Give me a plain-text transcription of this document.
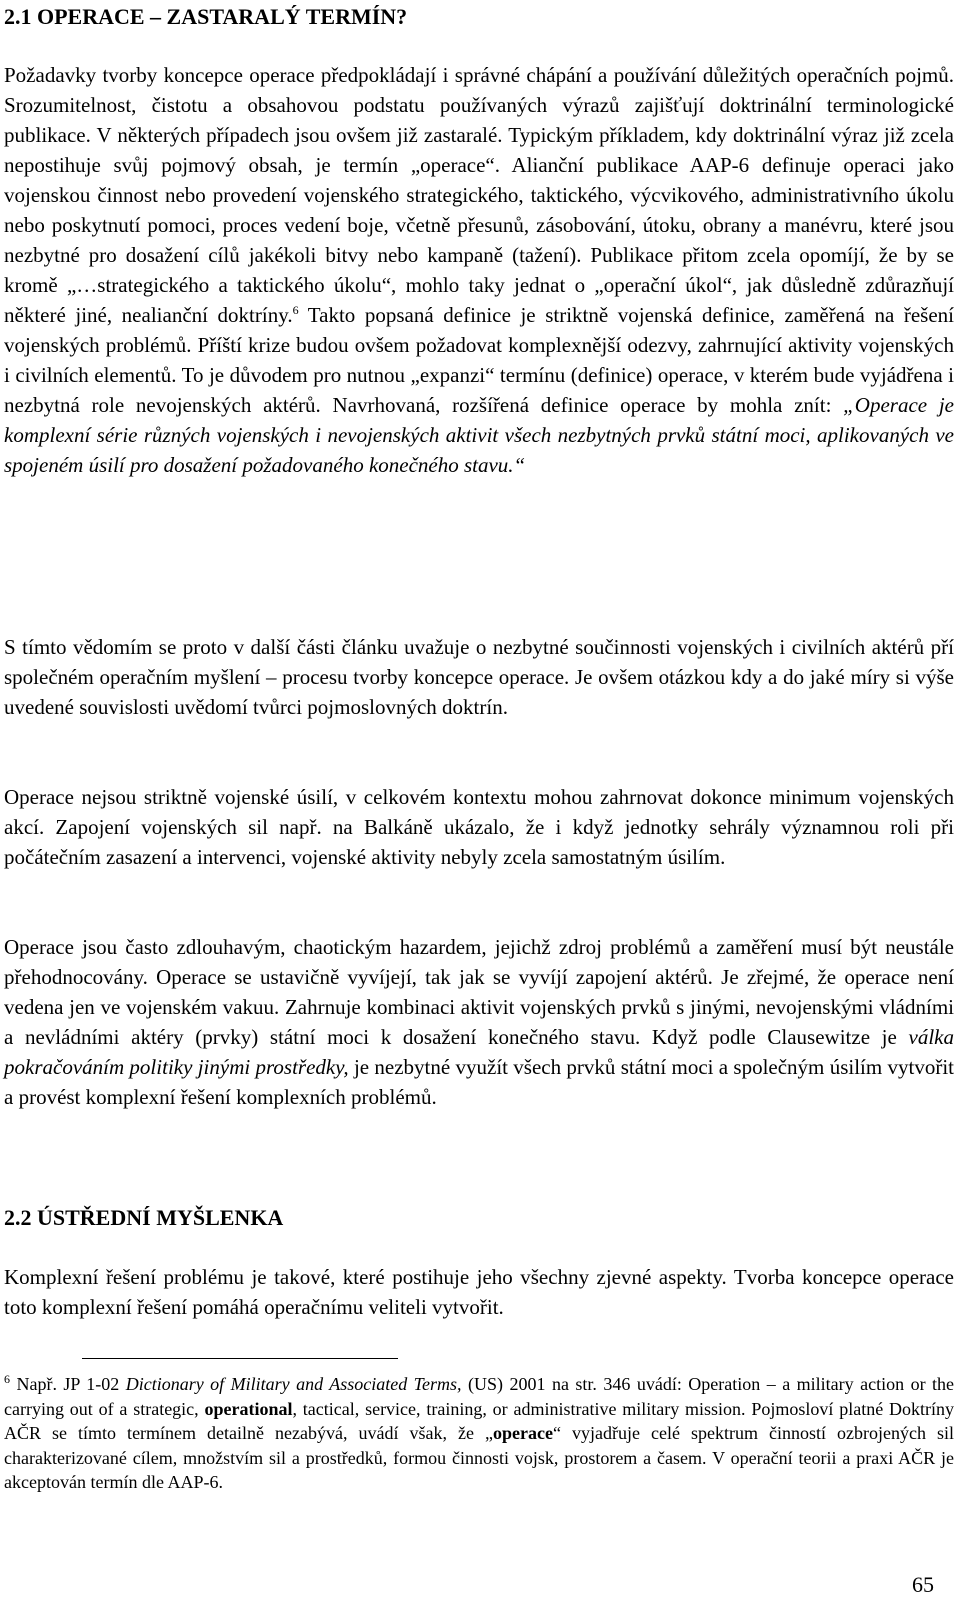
2.1 OPERACE – ZASTARALÝ TERMÍN?

Požadavky tvorby koncepce operace předpokládají i správné chápání a používání důležitých operačních pojmů. Srozumitelnost, čistotu a obsahovou podstatu používaných výrazů zajišťují doktrinální terminologické publikace. V některých případech jsou ovšem již zastaralé. Typickým příkladem, kdy doktrinální výraz již zcela nepostihuje svůj pojmový obsah, je termín „operace“. Alianční publikace AAP-6 definuje operaci jako vojenskou činnost nebo provedení vojenského strategického, taktického, výcvikového, administrativního úkolu nebo poskytnutí pomoci, proces vedení boje, včetně přesunů, zásobování, útoku, obrany a manévru, které jsou nezbytné pro dosažení cílů jakékoli bitvy nebo kampaně (tažení). Publikace přitom zcela opomíjí, že by se kromě „…strategického a taktického úkolu“, mohlo taky jednat o „operační úkol“, jak důsledně zdůrazňují některé jiné, nealianční doktríny.$^6$ Takto popsaná definice je striktně vojenská definice, zaměřená na řešení vojenských problémů. Příští krize budou ovšem požadovat komplexnější odezvy, zahrnující aktivity vojenských i civilních elementů. To je důvodem pro nutnou „expanzi“ termínu (definice) operace, v kterém bude vyjádřena i nezbytná role nevojenských aktérů. Navrhovaná, rozšířená definice operace by mohla znít: „Operace je komplexní série různých vojenských i nevojenských aktivit všech nezbytných prvků státní moci, aplikovaných ve spojeném úsilí pro dosažení požadovaného konečného stavu.“

S tímto vědomím se proto v další části článku uvažuje o nezbytné součinnosti vojenských i civilních aktérů pří společném operačním myšlení – procesu tvorby koncepce operace. Je ovšem otázkou kdy a do jaké míry si výše uvedené souvislosti uvědomí tvůrci pojmoslovných doktrín.

Operace nejsou striktně vojenské úsilí, v celkovém kontextu mohou zahrnovat dokonce minimum vojenských akcí. Zapojení vojenských sil např. na Balkáně ukázalo, že i když jednotky sehrály významnou roli při počátečním zasazení a intervenci, vojenské aktivity nebyly zcela samostatným úsilím.

Operace jsou často zdlouhavým, chaotickým hazardem, jejichž zdroj problémů a zaměření musí být neustále přehodnocovány. Operace se ustavičně vyvíjejí, tak jak se vyvíjí zapojení aktérů. Je zřejmé, že operace není vedena jen ve vojenském vakuu. Zahrnuje kombinaci aktivit vojenských prvků s jinými, nevojenskými vládními a nevládními aktéry (prvky) státní moci k dosažení konečného stavu. Když podle Clausewitze je válka pokračováním politiky jinými prostředky, je nezbytné využít všech prvků státní moci a společným úsilím vytvořit a provést komplexní řešení komplexních problémů.

2.2 ÚSTŘEDNÍ MYŠLENKA

Komplexní řešení problému je takové, které postihuje jeho všechny zjevné aspekty. Tvorba koncepce operace toto komplexní řešení pomáhá operačnímu veliteli vytvořit.

$^6$ Např. JP 1-02 Dictionary of Military and Associated Terms, (US) 2001 na str. 346 uvádí: Operation – a military action or the carrying out of a strategic, operational, tactical, service, training, or administrative military mission. Pojmosloví platné Doktríny AČR se tímto termínem detailně nezabývá, uvádí však, že „operace“ vyjadřuje celé spektrum činností ozbrojených sil charakterizované cílem, množstvím sil a prostředků, formou činnosti vojsk, prostorem a časem. V operační teorii a praxi AČR je akceptován termín dle AAP-6.

65
